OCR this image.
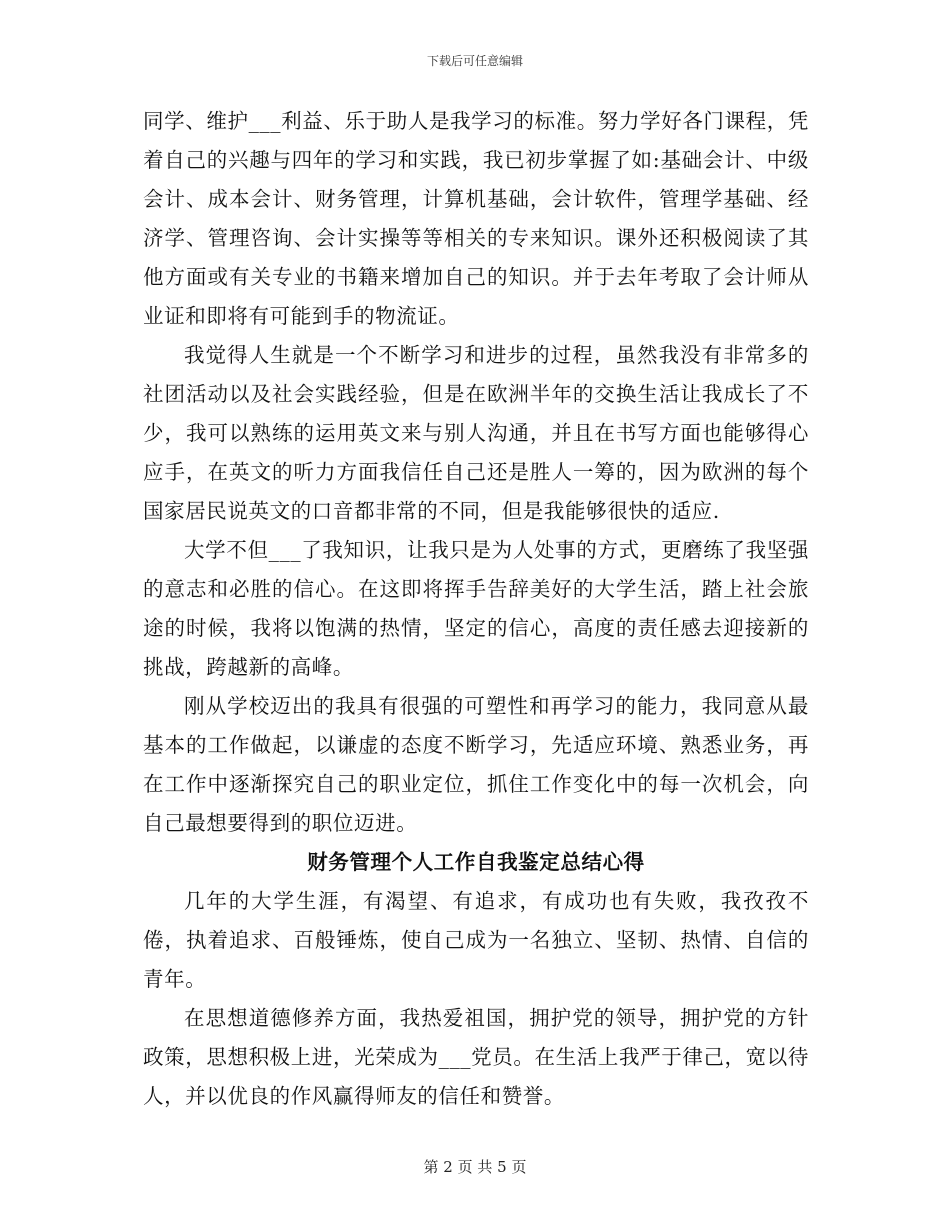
下载后可任意编辑

同学、维护___利益、乐于助人是我学习的标准。努力学好各门课程，凭着自己的兴趣与四年的学习和实践，我已初步掌握了如:基础会计、中级会计、成本会计、财务管理，计算机基础，会计软件，管理学基础、经济学、管理咨询、会计实操等等相关的专来知识。课外还积极阅读了其他方面或有关专业的书籍来增加自己的知识。并于去年考取了会计师从业证和即将有可能到手的物流证。

我觉得人生就是一个不断学习和进步的过程，虽然我没有非常多的社团活动以及社会实践经验，但是在欧洲半年的交换生活让我成长了不少，我可以熟练的运用英文来与别人沟通，并且在书写方面也能够得心应手，在英文的听力方面我信任自己还是胜人一筹的，因为欧洲的每个国家居民说英文的口音都非常的不同，但是我能够很快的适应.

大学不但___了我知识，让我只是为人处事的方式，更磨练了我坚强的意志和必胜的信心。在这即将挥手告辞美好的大学生活，踏上社会旅途的时候，我将以饱满的热情，坚定的信心，高度的责任感去迎接新的挑战，跨越新的高峰。

刚从学校迈出的我具有很强的可塑性和再学习的能力，我同意从最基本的工作做起，以谦虚的态度不断学习，先适应环境、熟悉业务，再在工作中逐渐探究自己的职业定位，抓住工作变化中的每一次机会，向自己最想要得到的职位迈进。

财务管理个人工作自我鉴定总结心得

几年的大学生涯，有渴望、有追求，有成功也有失败，我孜孜不倦，执着追求、百般锤炼，使自己成为一名独立、坚韧、热情、自信的青年。

在思想道德修养方面，我热爱祖国，拥护党的领导，拥护党的方针政策，思想积极上进，光荣成为___党员。在生活上我严于律己，宽以待人，并以优良的作风赢得师友的信任和赞誉。

第 2 页 共 5 页
